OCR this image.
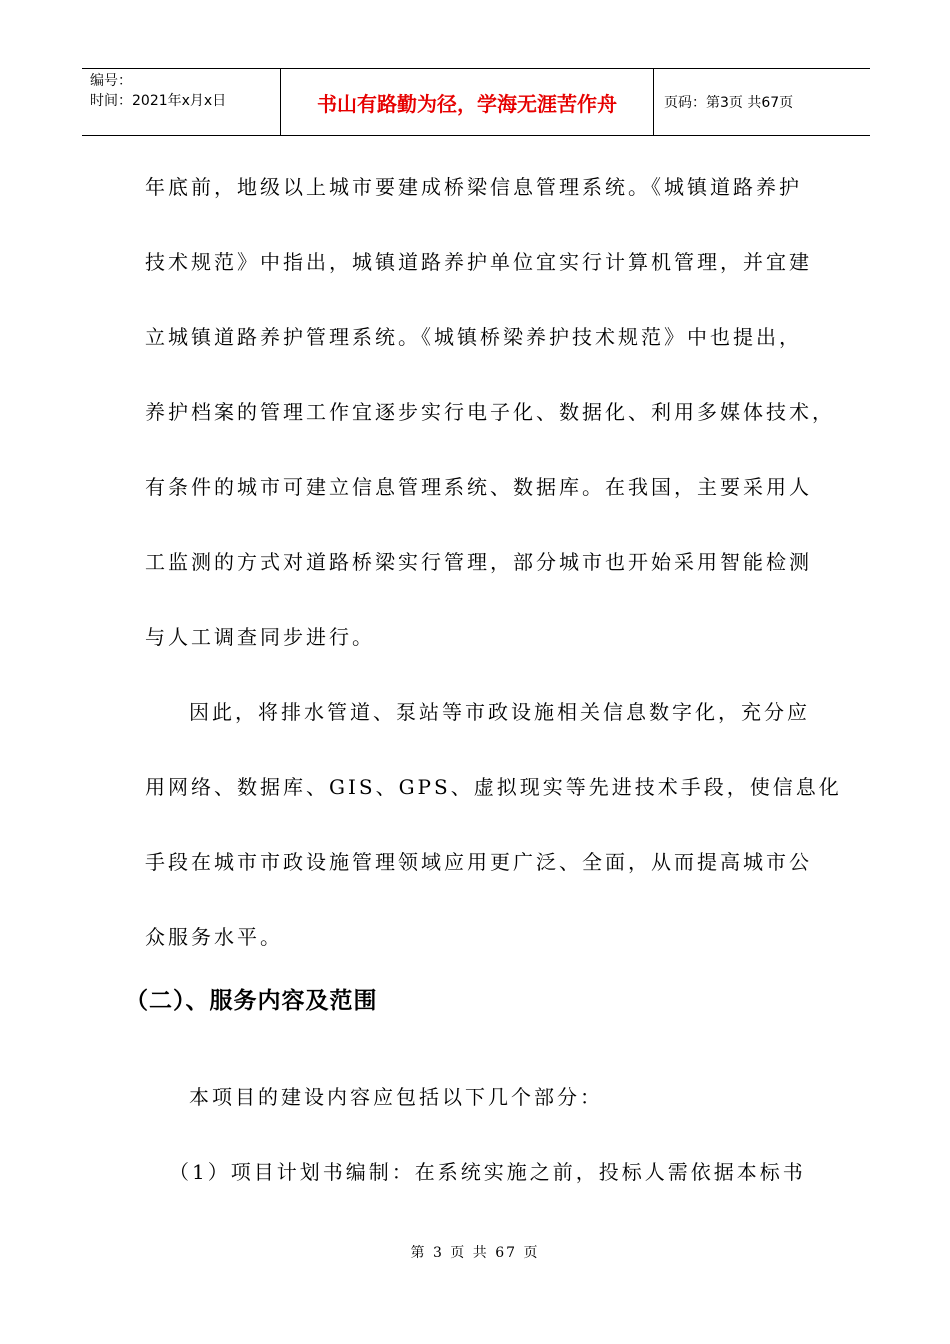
编号：
时间：2021年x月x日	书山有路勤为径，学海无涯苦作舟	页码：第3页 共67页
年底前，地级以上城市要建成桥梁信息管理系统。《城镇道路养护
技术规范》中指出，城镇道路养护单位宜实行计算机管理，并宜建
立城镇道路养护管理系统。《城镇桥梁养护技术规范》中也提出，
养护档案的管理工作宜逐步实行电子化、数据化、利用多媒体技术，
有条件的城市可建立信息管理系统、数据库。在我国，主要采用人
工监测的方式对道路桥梁实行管理，部分城市也开始采用智能检测
与人工调查同步进行。
因此，将排水管道、泵站等市政设施相关信息数字化，充分应
用网络、数据库、GIS、GPS、虚拟现实等先进技术手段，使信息化
手段在城市市政设施管理领域应用更广泛、全面，从而提高城市公
众服务水平。
（二）、服务内容及范围
本项目的建设内容应包括以下几个部分：
（1）项目计划书编制：在系统实施之前，投标人需依据本标书
第 3 页 共 67 页
